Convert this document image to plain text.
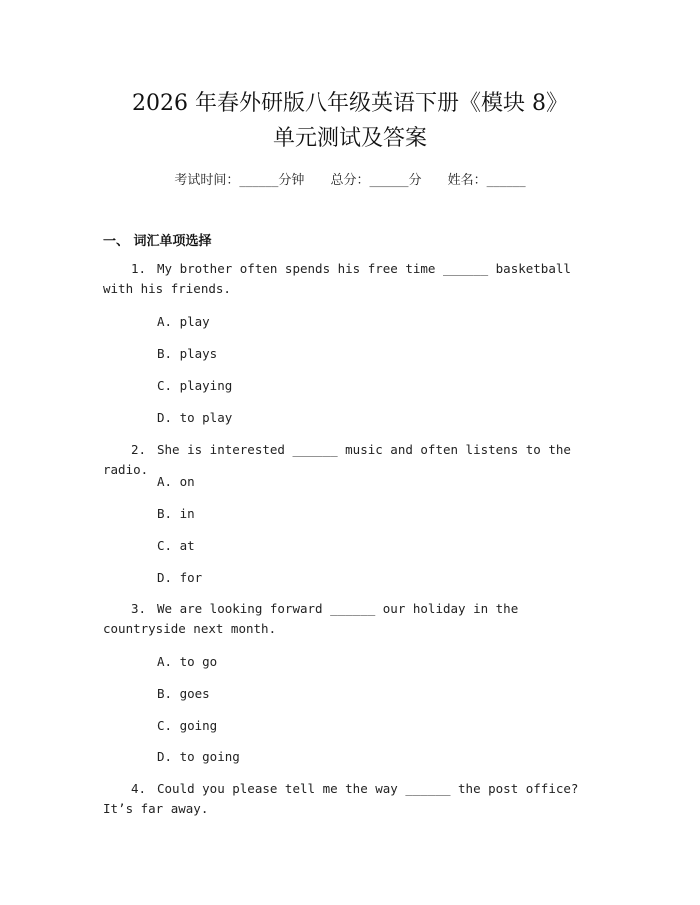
2026 年春外研版八年级英语下册《模块 8》
单元测试及答案
考试时间：______分钟 总分：______分 姓名：______
一、 词汇单项选择
1. My brother often spends his free time ______ basketball with his friends.
A. play
B. plays
C. playing
D. to play
2. She is interested ______ music and often listens to the radio.
A. on
B. in
C. at
D. for
3. We are looking forward ______ our holiday in the countryside next month.
A. to go
B. goes
C. going
D. to going
4. Could you please tell me the way ______ the post office? It’s far away.
